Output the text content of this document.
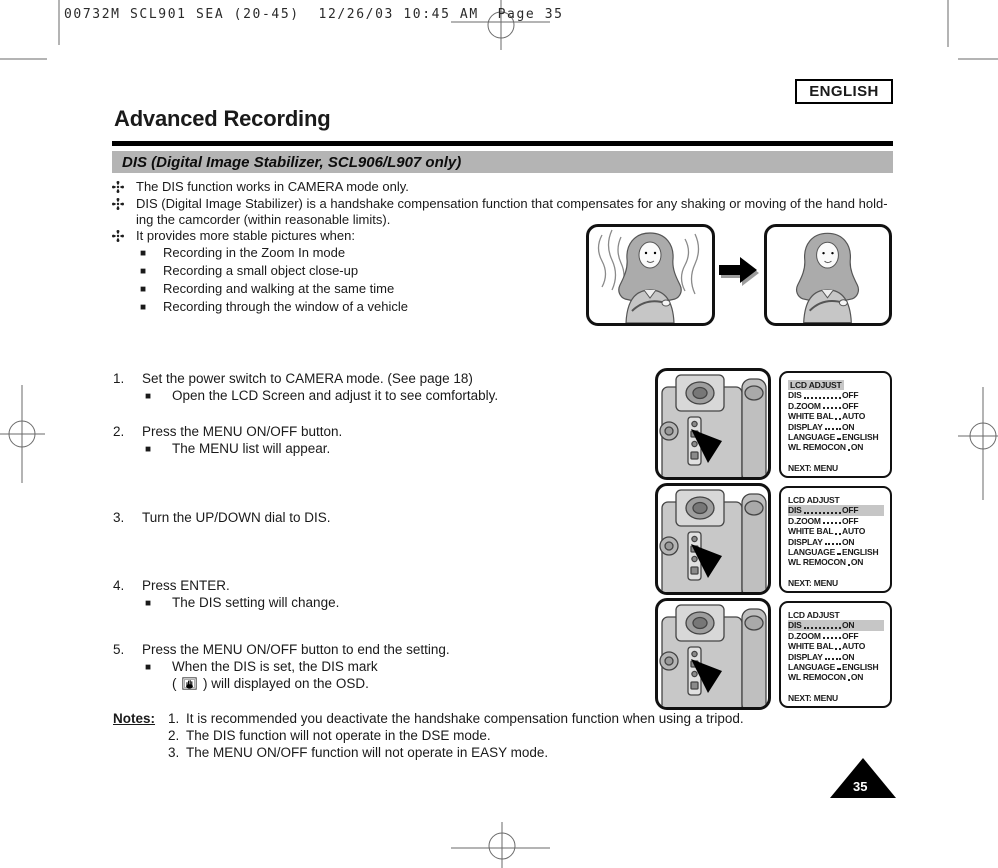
00732M SCL901 SEA (20-45)  12/26/03 10:45 AM  Page 35
ENGLISH
Advanced Recording
DIS (Digital Image Stabilizer, SCL906/L907 only)
The DIS function works in CAMERA mode only.
DIS (Digital Image Stabilizer) is a handshake compensation function that compensates for any shaking or moving of the hand hold-
ing the camcorder (within reasonable limits).
It provides more stable pictures when:
■	Recording in the Zoom In mode
■	Recording a small object close-up
■	Recording and walking at the same time
■	Recording through the window of a vehicle
1.	Set the power switch to CAMERA mode. (See page 18)
■	Open the LCD Screen and adjust it to see comfortably.
2.	Press the MENU ON/OFF button.
■	The MENU list will appear.
3.	Turn the UP/DOWN dial to DIS.
4.	Press ENTER.
■	The DIS setting will change.
5.	Press the MENU ON/OFF button to end the setting.
■	When the DIS is set, the DIS mark
(  ) will displayed on the OSD.
LCD ADJUST
DIS	OFF
D.ZOOM OFF
WHITE BAL AUTO
DISPLAY ON
LANGUAGE ENGLISH
WL REMOCON ON
NEXT: MENU
LCD ADJUST
DIS	OFF
D.ZOOM OFF
WHITE BAL AUTO
DISPLAY ON
LANGUAGE ENGLISH
WL REMOCON ON
NEXT: MENU
LCD ADJUST
DIS	ON
D.ZOOM OFF
WHITE BAL AUTO
DISPLAY ON
LANGUAGE ENGLISH
WL REMOCON ON
NEXT: MENU
Notes: 1. It is recommended you deactivate the handshake compensation function when using a tripod.
2. The DIS function will not operate in the DSE mode.
3. The MENU ON/OFF function will not operate in EASY mode.
35
